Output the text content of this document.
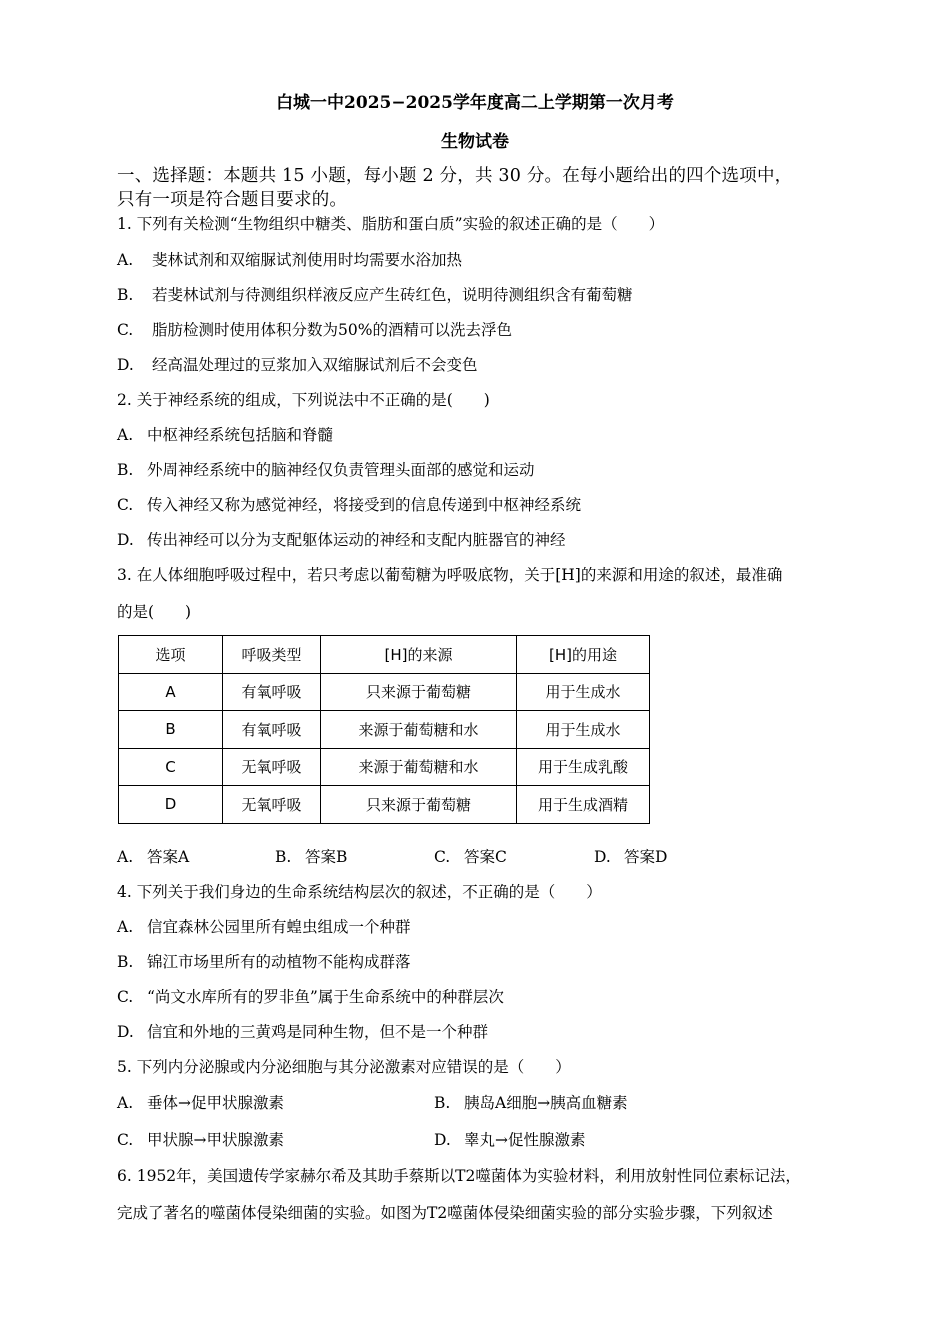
白城一中2025−2025学年度高二上学期第一次月考
生物试卷
一、选择题：本题共 15 小题，每小题 2 分，共 30 分。在每小题给出的四个选项中，
只有一项是符合题目要求的。
1. 下列有关检测“生物组织中糖类、脂肪和蛋白质”实验的叙述正确的是（　　）
A. 斐林试剂和双缩脲试剂使用时均需要水浴加热
B. 若斐林试剂与待测组织样液反应产生砖红色，说明待测组织含有葡萄糖
C. 脂肪检测时使用体积分数为50%的酒精可以洗去浮色
D. 经高温处理过的豆浆加入双缩脲试剂后不会变色
2. 关于神经系统的组成，下列说法中不正确的是(　　)
A. 中枢神经系统包括脑和脊髓
B. 外周神经系统中的脑神经仅负责管理头面部的感觉和运动
C. 传入神经又称为感觉神经，将接受到的信息传递到中枢神经系统
D. 传出神经可以分为支配躯体运动的神经和支配内脏器官的神经
3. 在人体细胞呼吸过程中，若只考虑以葡萄糖为呼吸底物，关于[H]的来源和用途的叙述，最准确
的是(　　)
选项	呼吸类型	[H]的来源	[H]的用途
A	有氧呼吸	只来源于葡萄糖	用于生成水
B	有氧呼吸	来源于葡萄糖和水	用于生成水
C	无氧呼吸	来源于葡萄糖和水	用于生成乳酸
D	无氧呼吸	只来源于葡萄糖	用于生成酒精
A. 答案A	B. 答案B	C. 答案C	D. 答案D
4. 下列关于我们身边的生命系统结构层次的叙述，不正确的是（　　）
A. 信宜森林公园里所有蝗虫组成一个种群
B. 锦江市场里所有的动植物不能构成群落
C. “尚文水库所有的罗非鱼”属于生命系统中的种群层次
D. 信宜和外地的三黄鸡是同种生物，但不是一个种群
5. 下列内分泌腺或内分泌细胞与其分泌激素对应错误的是（　　）
A. 垂体→促甲状腺激素	B. 胰岛A细胞→胰高血糖素
C. 甲状腺→甲状腺激素	D. 睾丸→促性腺激素
6. 1952年，美国遗传学家赫尔希及其助手蔡斯以T2噬菌体为实验材料，利用放射性同位素标记法，
完成了著名的噬菌体侵染细菌的实验。如图为T2噬菌体侵染细菌实验的部分实验步骤，下列叙述
